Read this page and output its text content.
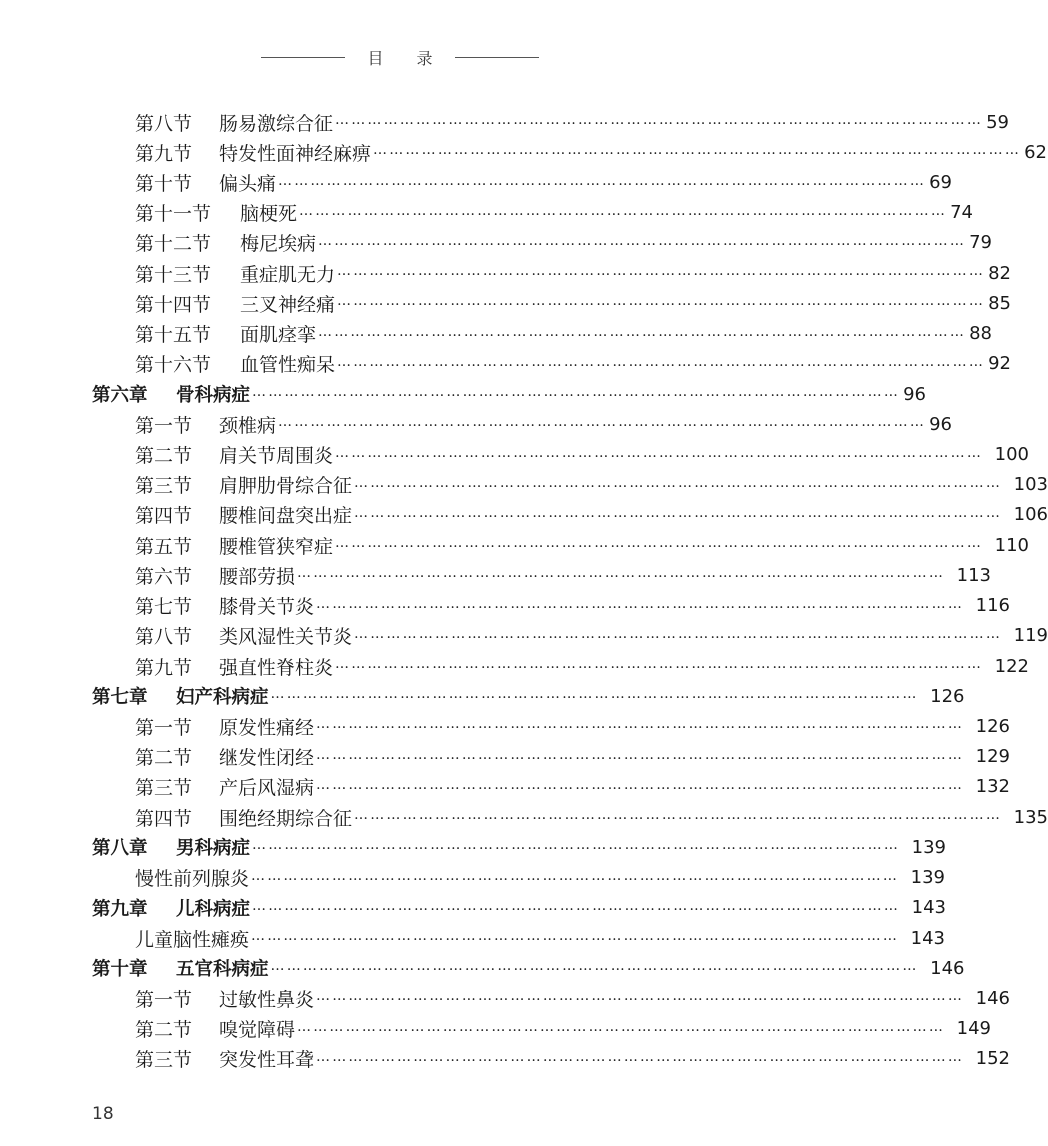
目 录
第八节	肠易激综合征 ………………………………………………………………………………………………………… 59
第九节	特发性面神经麻痹 ………………………………………………………………………………………………………… 62
第十节	偏头痛 ………………………………………………………………………………………………………… 69
第十一节	脑梗死 ………………………………………………………………………………………………………… 74
第十二节	梅尼埃病 ………………………………………………………………………………………………………… 79
第十三节	重症肌无力 ………………………………………………………………………………………………………… 82
第十四节	三叉神经痛 ………………………………………………………………………………………………………… 85
第十五节	面肌痉挛 ………………………………………………………………………………………………………… 88
第十六节	血管性痴呆 ………………………………………………………………………………………………………… 92
第六章	骨科病症 ………………………………………………………………………………………………………… 96
第一节	颈椎病 ………………………………………………………………………………………………………… 96
第二节	肩关节周围炎 ………………………………………………………………………………………………………… 100
第三节	肩胛肋骨综合征 ………………………………………………………………………………………………………… 103
第四节	腰椎间盘突出症 ………………………………………………………………………………………………………… 106
第五节	腰椎管狭窄症 ………………………………………………………………………………………………………… 110
第六节	腰部劳损 ………………………………………………………………………………………………………… 113
第七节	膝骨关节炎 ………………………………………………………………………………………………………… 116
第八节	类风湿性关节炎 ………………………………………………………………………………………………………… 119
第九节	强直性脊柱炎 ………………………………………………………………………………………………………… 122
第七章	妇产科病症 ………………………………………………………………………………………………………… 126
第一节	原发性痛经 ………………………………………………………………………………………………………… 126
第二节	继发性闭经 ………………………………………………………………………………………………………… 129
第三节	产后风湿病 ………………………………………………………………………………………………………… 132
第四节	围绝经期综合征 ………………………………………………………………………………………………………… 135
第八章	男科病症 ………………………………………………………………………………………………………… 139
慢性前列腺炎 ………………………………………………………………………………………………………… 139
第九章	儿科病症 ………………………………………………………………………………………………………… 143
儿童脑性瘫痪 ………………………………………………………………………………………………………… 143
第十章	五官科病症 ………………………………………………………………………………………………………… 146
第一节	过敏性鼻炎 ………………………………………………………………………………………………………… 146
第二节	嗅觉障碍 ………………………………………………………………………………………………………… 149
第三节	突发性耳聋 ………………………………………………………………………………………………………… 152
18
